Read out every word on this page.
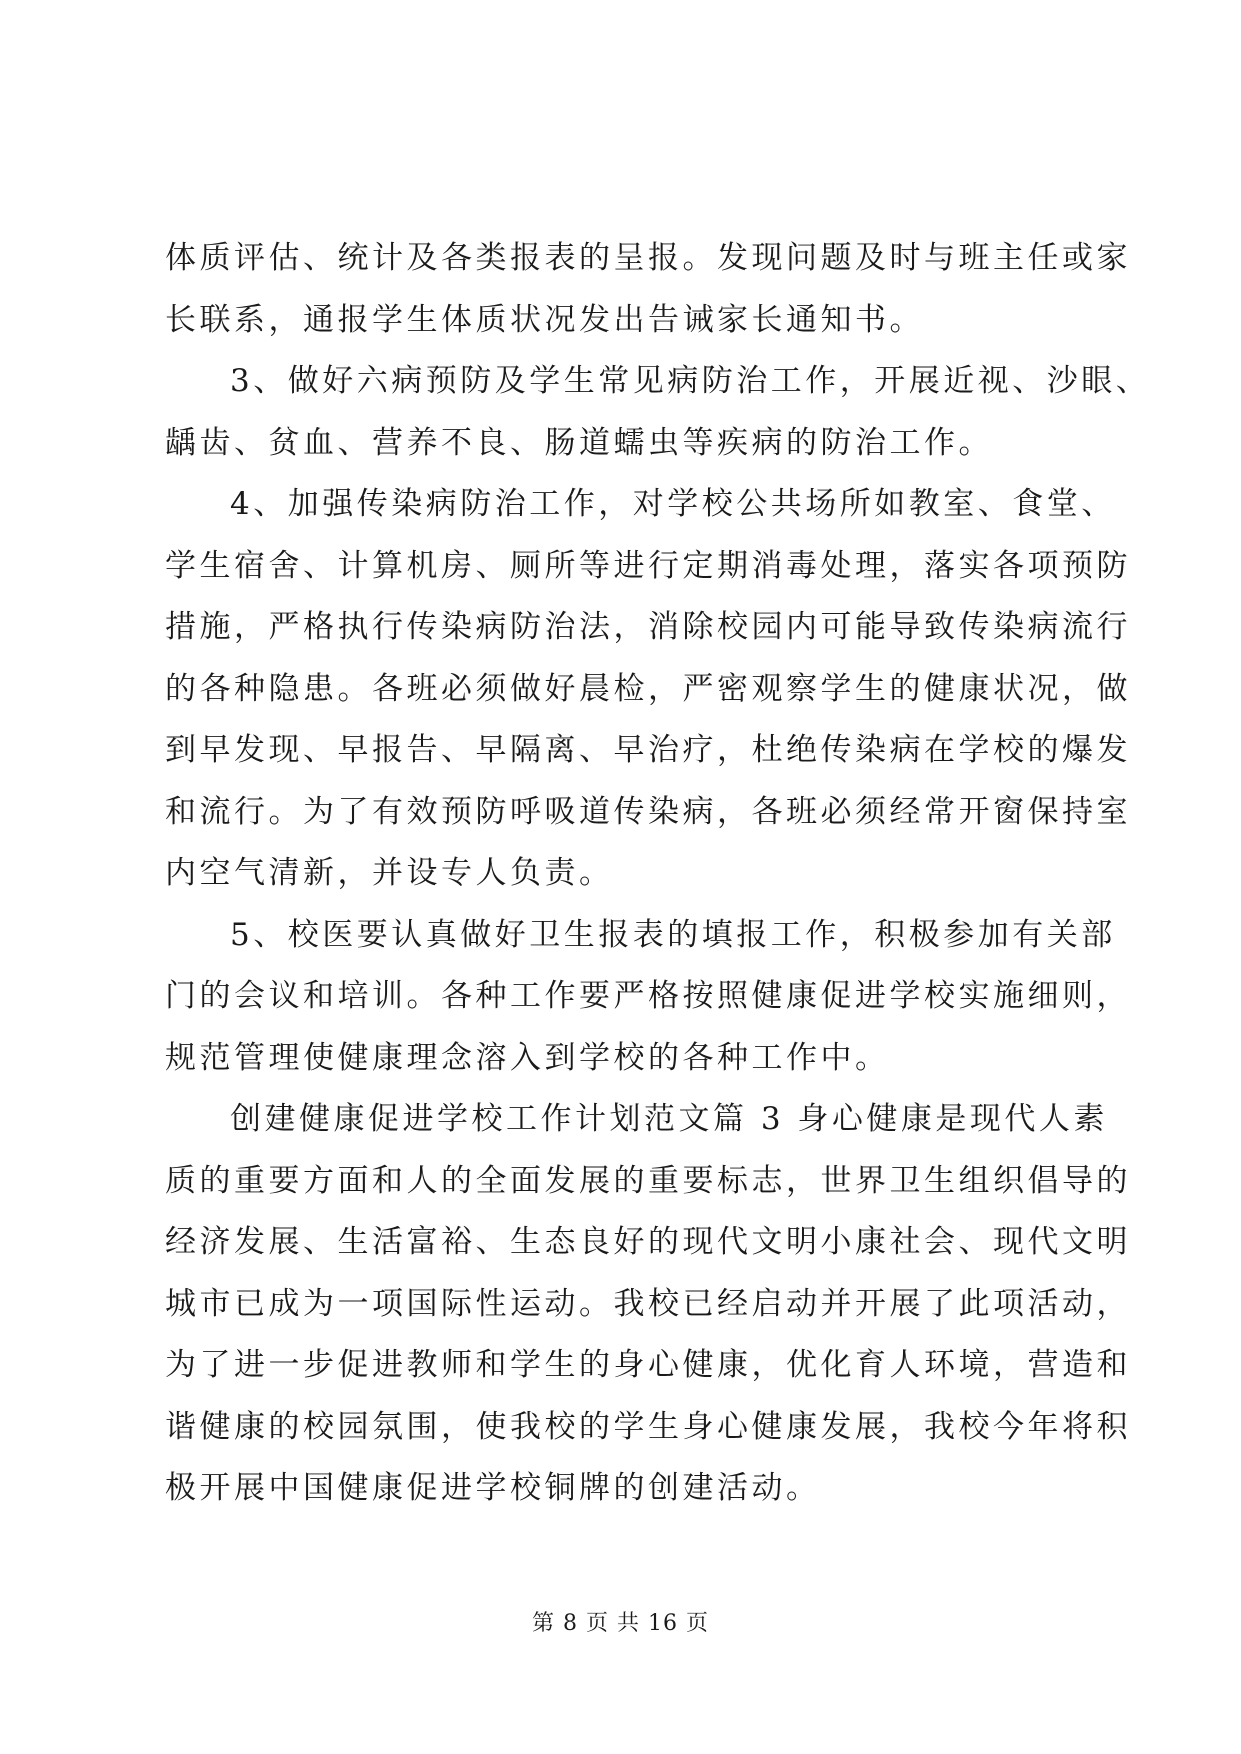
体质评估、统计及各类报表的呈报。发现问题及时与班主任或家
长联系，通报学生体质状况发出告诫家长通知书。
3、做好六病预防及学生常见病防治工作，开展近视、沙眼、
龋齿、贫血、营养不良、肠道蠕虫等疾病的防治工作。
4、加强传染病防治工作，对学校公共场所如教室、食堂、
学生宿舍、计算机房、厕所等进行定期消毒处理，落实各项预防
措施，严格执行传染病防治法，消除校园内可能导致传染病流行
的各种隐患。各班必须做好晨检，严密观察学生的健康状况，做
到早发现、早报告、早隔离、早治疗，杜绝传染病在学校的爆发
和流行。为了有效预防呼吸道传染病，各班必须经常开窗保持室
内空气清新，并设专人负责。
5、校医要认真做好卫生报表的填报工作，积极参加有关部
门的会议和培训。各种工作要严格按照健康促进学校实施细则，
规范管理使健康理念溶入到学校的各种工作中。
创建健康促进学校工作计划范文篇 3 身心健康是现代人素
质的重要方面和人的全面发展的重要标志，世界卫生组织倡导的
经济发展、生活富裕、生态良好的现代文明小康社会、现代文明
城市已成为一项国际性运动。我校已经启动并开展了此项活动，
为了进一步促进教师和学生的身心健康，优化育人环境，营造和
谐健康的校园氛围，使我校的学生身心健康发展，我校今年将积
极开展中国健康促进学校铜牌的创建活动。
第 8 页 共 16 页
